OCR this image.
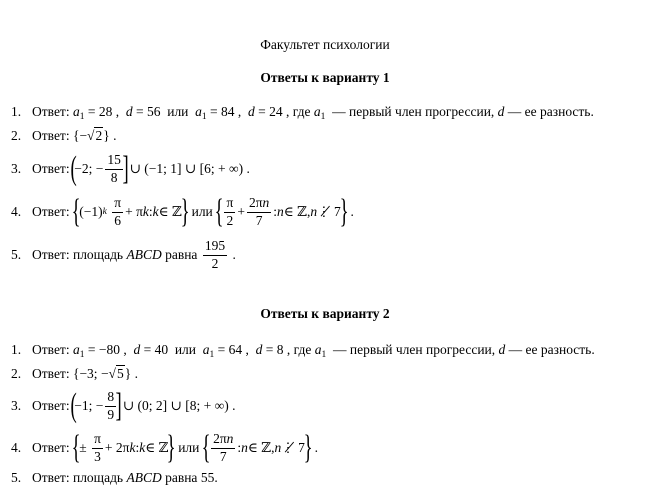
Факультет психологии
Ответы к варианту 1
1. Ответ:
$a_1 = 28$ ,  d = 56  или $a_1 = 84$ ,  d = 24 , где $a_1$ — первый член прогрессии, d — ее разность.
2. Ответ:
{−√2} .
3. Ответ:
(
−2; − $\frac{15}{8}$ ]
∪ (−1; 1] ∪ [6; + ∞) .
4. Ответ:
{
(−1) k
$\frac{\pi}{6} + \pi$ k : k ∈ ℤ
}
или
{ $\frac{\pi}{2} + \frac{2\pi n}{7}$ : n ∈ ℤ, n ⋮̸ 7
}
.
5. Ответ:
площадь
ABCD
равна
$\frac{195}{2}$ .
Ответы к варианту 2
1. Ответ:
$a_1 = -80$ ,  d = 40  или $a_1 = 64$ ,  d = 8 , где $a_1$ — первый член прогрессии, d — ее разность.
2. Ответ:
{−3; −√5} .
3. Ответ:
(
−1; − $\frac{8}{9}$ ]
∪ (0; 2] ∪ [8; + ∞) .
4. Ответ:
{
± $\frac{\pi}{3} + 2\pi$ k : k ∈ ℤ
}
или
{ $\frac{2\pi n}{7}$ : n ∈ ℤ, n ⋮̸ 7
}
.
5. Ответ:
площадь ABCD равна 55.
